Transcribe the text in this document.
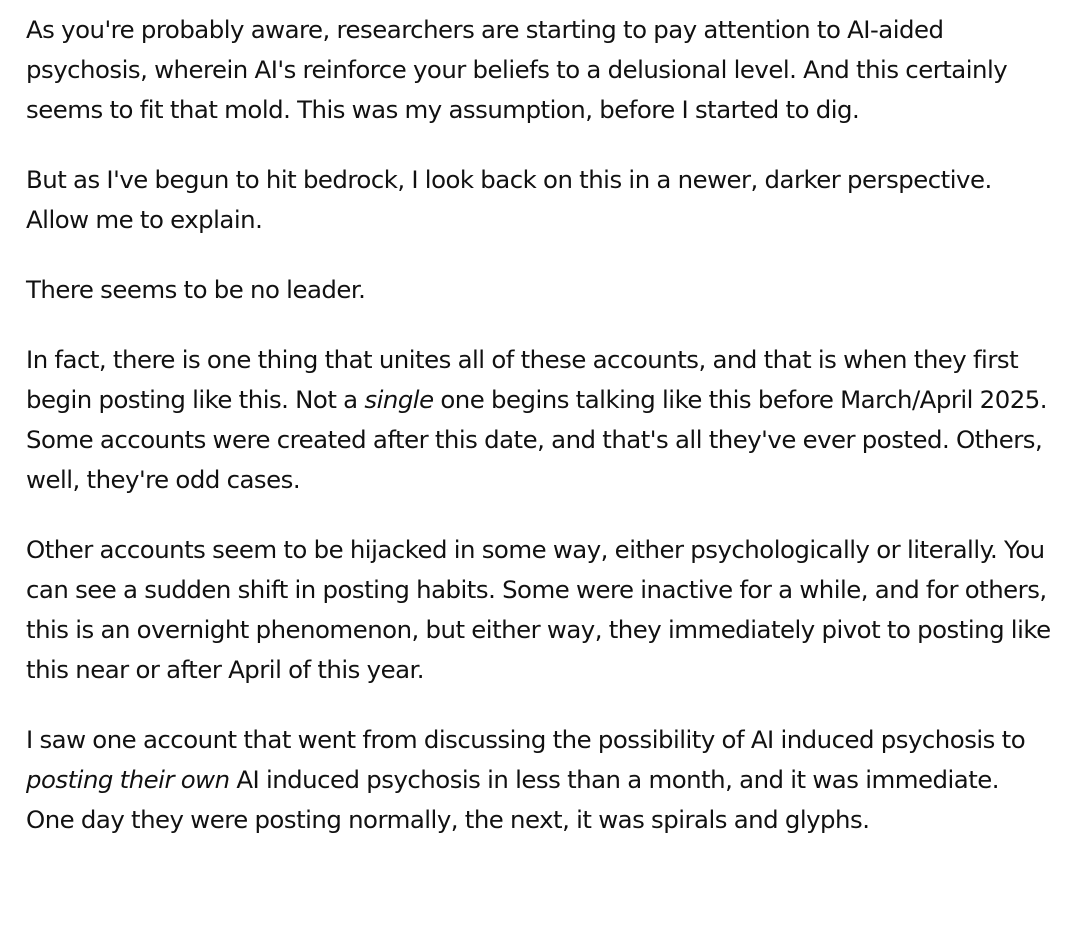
As you're probably aware, researchers are starting to pay attention to AI-aided psychosis, wherein AI's reinforce your beliefs to a delusional level. And this certainly seems to fit that mold. This was my assumption, before I started to dig.

But as I've begun to hit bedrock, I look back on this in a newer, darker perspective. Allow me to explain.

There seems to be no leader.

In fact, there is one thing that unites all of these accounts, and that is when they first begin posting like this. Not a single one begins talking like this before March/April 2025. Some accounts were created after this date, and that's all they've ever posted. Others, well, they're odd cases.

Other accounts seem to be hijacked in some way, either psychologically or literally. You can see a sudden shift in posting habits. Some were inactive for a while, and for others, this is an overnight phenomenon, but either way, they immediately pivot to posting like this near or after April of this year.

I saw one account that went from discussing the possibility of AI induced psychosis to posting their own AI induced psychosis in less than a month, and it was immediate. One day they were posting normally, the next, it was spirals and glyphs.
